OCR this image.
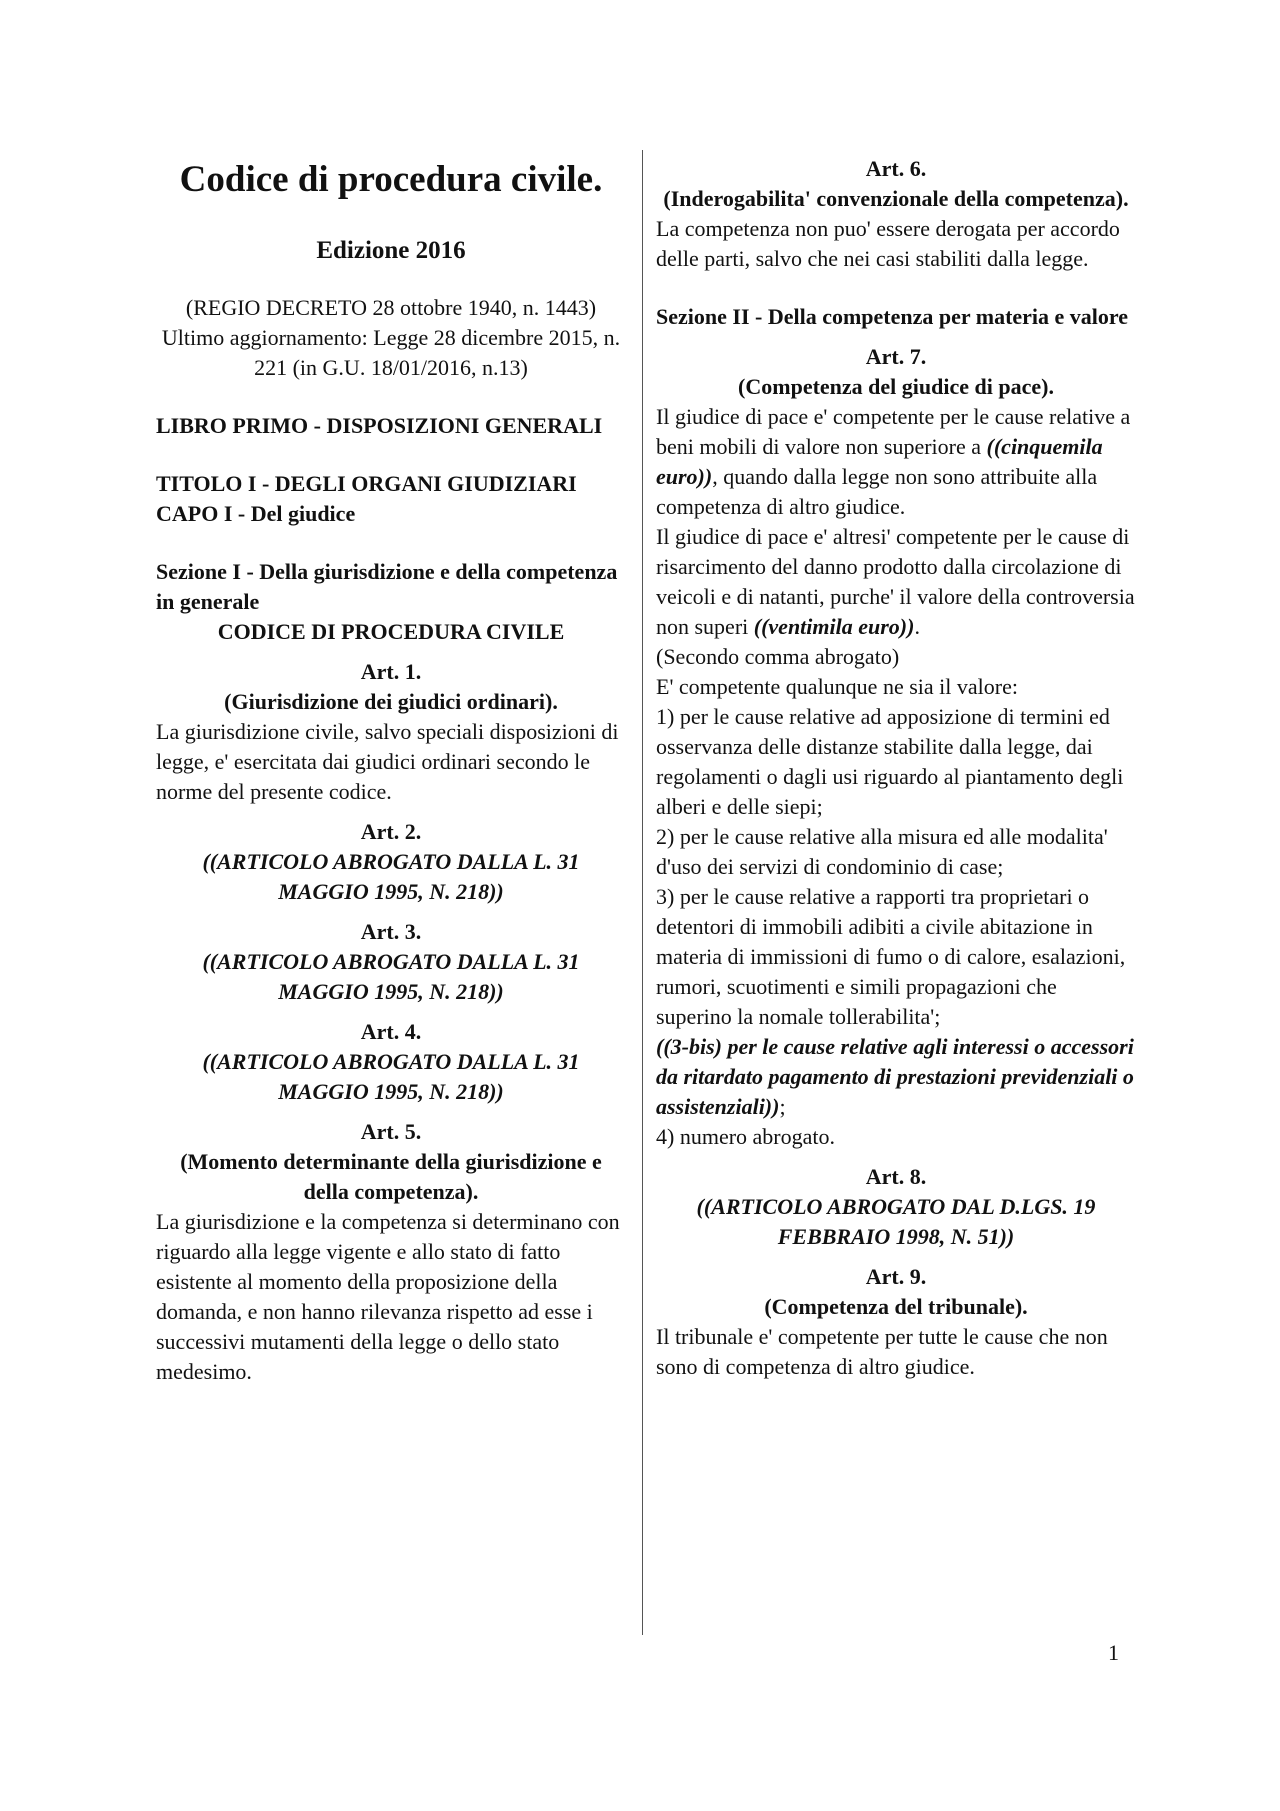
Codice di procedura civile.

Edizione 2016

(REGIO DECRETO 28 ottobre 1940, n. 1443)

Ultimo aggiornamento: Legge 28 dicembre 2015, n. 221 (in G.U. 18/01/2016, n.13)

LIBRO PRIMO - DISPOSIZIONI GENERALI

TITOLO I - DEGLI ORGANI GIUDIZIARI

CAPO I - Del giudice

Sezione I - Della giurisdizione e della competenza in generale

CODICE DI PROCEDURA CIVILE

Art. 1.

(Giurisdizione dei giudici ordinari).

La giurisdizione civile, salvo speciali disposizioni di legge, e' esercitata dai giudici ordinari secondo le norme del presente codice.

Art. 2.

((ARTICOLO ABROGATO DALLA L. 31 MAGGIO 1995, N. 218))

Art. 3.

((ARTICOLO ABROGATO DALLA L. 31 MAGGIO 1995, N. 218))

Art. 4.

((ARTICOLO ABROGATO DALLA L. 31 MAGGIO 1995, N. 218))

Art. 5.

(Momento determinante della giurisdizione e della competenza).

La giurisdizione e la competenza si determinano con riguardo alla legge vigente e allo stato di fatto esistente al momento della proposizione della domanda, e non hanno rilevanza rispetto ad esse i successivi mutamenti della legge o dello stato medesimo.

Art. 6.

(Inderogabilita' convenzionale della competenza).

La competenza non puo' essere derogata per accordo delle parti, salvo che nei casi stabiliti dalla legge.

Sezione II - Della competenza per materia e valore

Art. 7.

(Competenza del giudice di pace).

Il giudice di pace e' competente per le cause relative a beni mobili di valore non superiore a ((cinquemila euro)), quando dalla legge non sono attribuite alla competenza di altro giudice.

Il giudice di pace e' altresi' competente per le cause di risarcimento del danno prodotto dalla circolazione di veicoli e di natanti, purche' il valore della controversia non superi ((ventimila euro)).

(Secondo comma abrogato)

E' competente qualunque ne sia il valore:

1) per le cause relative ad apposizione di termini ed osservanza delle distanze stabilite dalla legge, dai regolamenti o dagli usi riguardo al piantamento degli alberi e delle siepi;

2) per le cause relative alla misura ed alle modalita' d'uso dei servizi di condominio di case;

3) per le cause relative a rapporti tra proprietari o detentori di immobili adibiti a civile abitazione in materia di immissioni di fumo o di calore, esalazioni, rumori, scuotimenti e simili propagazioni che superino la nomale tollerabilita';

((3-bis) per le cause relative agli interessi o accessori da ritardato pagamento di prestazioni previdenziali o assistenziali));

4) numero abrogato.

Art. 8.

((ARTICOLO ABROGATO DAL D.LGS. 19 FEBBRAIO 1998, N. 51))

Art. 9.

(Competenza del tribunale).

Il tribunale e' competente per tutte le cause che non sono di competenza di altro giudice.

1
